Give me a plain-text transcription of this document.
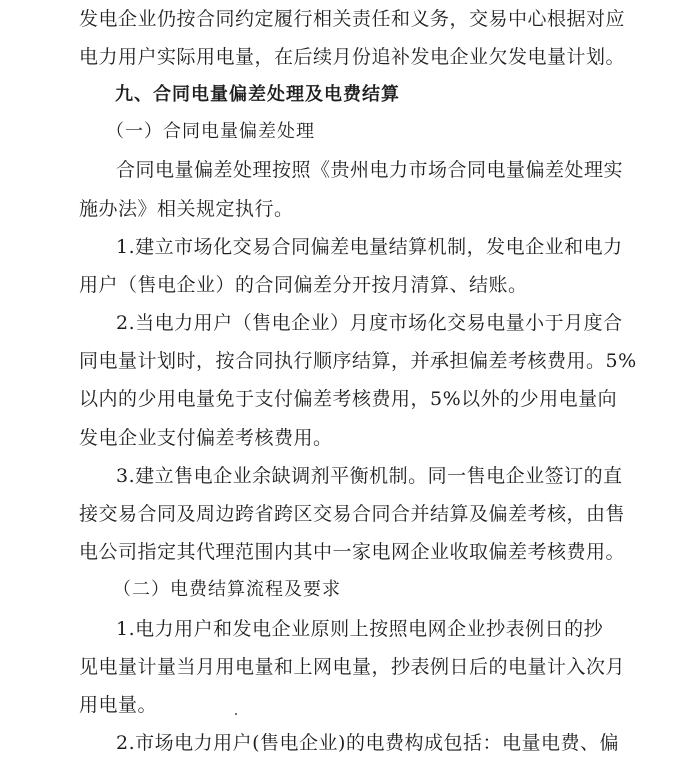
发电企业仍按合同约定履行相关责任和义务，交易中心根据对应
电力用户实际用电量，在后续月份追补发电企业欠发电量计划。
九、合同电量偏差处理及电费结算
（一）合同电量偏差处理
合同电量偏差处理按照《贵州电力市场合同电量偏差处理实
施办法》相关规定执行。
1.建立市场化交易合同偏差电量结算机制，发电企业和电力
用户（售电企业）的合同偏差分开按月清算、结账。
2.当电力用户（售电企业）月度市场化交易电量小于月度合
同电量计划时，按合同执行顺序结算，并承担偏差考核费用。5%
以内的少用电量免于支付偏差考核费用，5%以外的少用电量向
发电企业支付偏差考核费用。
3.建立售电企业余缺调剂平衡机制。同一售电企业签订的直
接交易合同及周边跨省跨区交易合同合并结算及偏差考核，由售
电公司指定其代理范围内其中一家电网企业收取偏差考核费用。
（二）电费结算流程及要求
1.电力用户和发电企业原则上按照电网企业抄表例日的抄
见电量计量当月用电量和上网电量，抄表例日后的电量计入次月
用电量。
2.市场电力用户(售电企业)的电费构成包括：电量电费、偏
